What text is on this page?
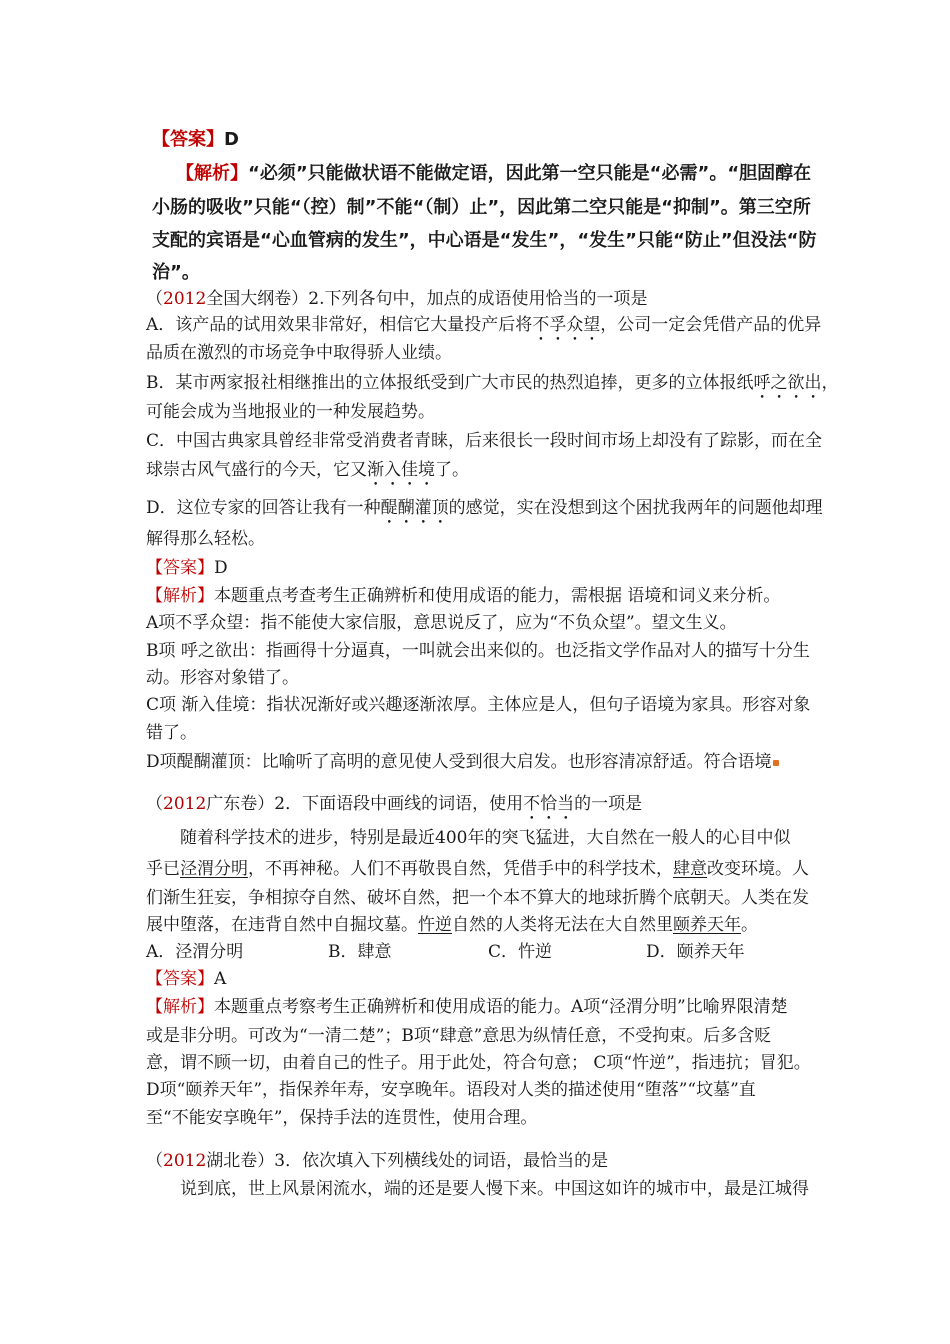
【答案】D
【解析】“必须”只能做状语不能做定语，因此第一空只能是“必需”。“胆固醇在
小肠的吸收”只能“（控）制”不能“（制）止”，因此第二空只能是“抑制”。第三空所
支配的宾语是“心血管病的发生”，中心语是“发生”，“发生”只能“防止”但没法“防
治”。
（2012全国大纲卷）2.下列各句中，加点的成语使用恰当的一项是
A．该产品的试用效果非常好，相信它大量投产后将不孚众望，公司一定会凭借产品的优异
品质在激烈的市场竞争中取得骄人业绩。
B．某市两家报社相继推出的立体报纸受到广大市民的热烈追捧，更多的立体报纸呼之欲出，
可能会成为当地报业的一种发展趋势。
C．中国古典家具曾经非常受消费者青睐，后来很长一段时间市场上却没有了踪影，而在全
球崇古风气盛行的今天，它又渐入佳境了。
D．这位专家的回答让我有一种醍醐灌顶的感觉，实在没想到这个困扰我两年的问题他却理
解得那么轻松。
【答案】D
【解析】本题重点考查考生正确辨析和使用成语的能力，需根据 语境和词义来分析。
A项不孚众望：指不能使大家信服，意思说反了，应为“不负众望”。望文生义。
B项 呼之欲出：指画得十分逼真，一叫就会出来似的。也泛指文学作品对人的描写十分生
动。形容对象错了。
C项 渐入佳境：指状况渐好或兴趣逐渐浓厚。主体应是人，但句子语境为家具。形容对象
错了。
D项醍醐灌顶：比喻听了高明的意见使人受到很大启发。也形容清凉舒适。符合语境
（2012广东卷）2．下面语段中画线的词语，使用不恰当的一项是
随着科学技术的进步，特别是最近400年的突飞猛进，大自然在一般人的心目中似
乎已泾渭分明，不再神秘。人们不再敬畏自然，凭借手中的科学技术，肆意改变环境。人
们渐生狂妄，争相掠夺自然、破坏自然，把一个本不算大的地球折腾个底朝天。人类在发
展中堕落，在违背自然中自掘坟墓。忤逆自然的人类将无法在大自然里颐养天年。
A．泾渭分明	B．肆意	C．忤逆	D．颐养天年
【答案】A
【解析】本题重点考察考生正确辨析和使用成语的能力。A项“泾渭分明”比喻界限清楚
或是非分明。可改为“一清二楚”；B项“肆意”意思为纵情任意，不受拘束。后多含贬
意，谓不顾一切，由着自己的性子。用于此处，符合句意； C项“忤逆”，指违抗；冒犯。
D项“颐养天年”，指保养年寿，安享晚年。语段对人类的描述使用“堕落”“坟墓”直
至“不能安享晚年”，保持手法的连贯性，使用合理。
（2012湖北卷）3．依次填入下列横线处的词语，最恰当的是
说到底，世上风景闲流水，端的还是要人慢下来。中国这如许的城市中，最是江城得
